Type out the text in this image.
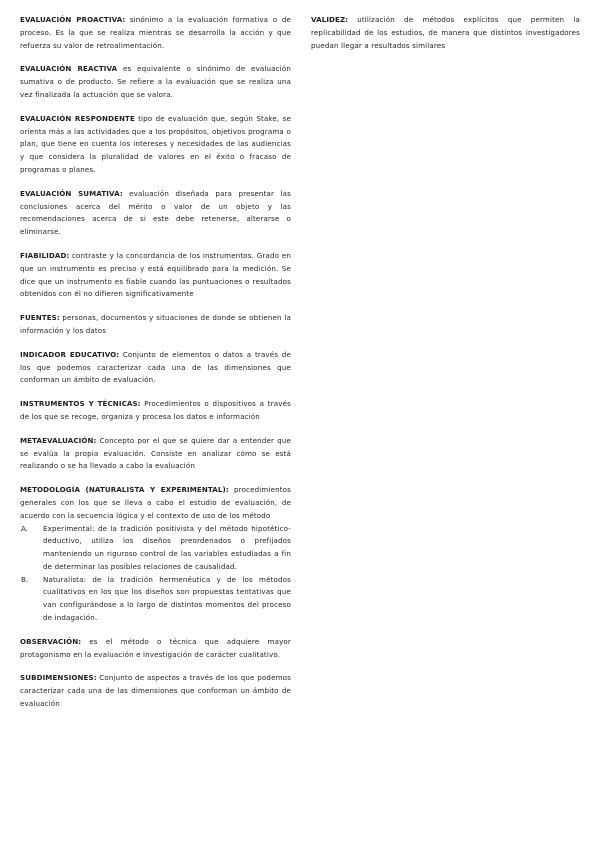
EVALUACIÓN PROACTIVA: sinónimo a la evaluación formativa o de proceso. Es la que se realiza mientras se desarrolla la acción y que refuerza su valor de retroalimentación.

EVALUACIÓN REACTIVA es equivalente o sinónimo de evaluación sumativa o de producto. Se refiere a la evaluación que se realiza una vez finalizada la actuación que se valora.

EVALUACIÓN RESPONDENTE tipo de evaluación que, según Stake, se orienta más a las actividades que a los propósitos, objetivos programa o plan, que tiene en cuenta los intereses y necesidades de las audiencias y que considera la pluralidad de valores en el éxito o fracaso de programas o planes.

EVALUACIÓN SUMATIVA: evaluación diseñada para presentar las conclusiones acerca del mérito o valor de un objeto y las recomendaciones acerca de si este debe retenerse, alterarse o eliminarse.

FIABILIDAD: contraste y la concordancia de los instrumentos. Grado en que un instrumento es preciso y está equilibrado para la medición. Se dice que un instrumento es fiable cuando las puntuaciones o resultados obtenidos con él no difieren significativamente

FUENTES: personas, documentos y situaciones de donde se obtienen la información y los datos

INDICADOR EDUCATIVO: Conjunto de elementos o datos a través de los que podemos caracterizar cada una de las dimensiones que conforman un ámbito de evaluación.

INSTRUMENTOS Y TÉCNICAS: Procedimientos o dispositivos a través de los que se recoge, organiza y procesa los datos e información

METAEVALUACIÓN: Concepto por el que se quiere dar a entender que se evalúa la propia evaluación. Consiste en analizar cómo se está realizando o se ha llevado a cabo la evaluación

METODOLOGÍA (NATURALISTA Y EXPERIMENTAL): procedimientos generales con los que se lleva a cabo el estudio de evaluación, de acuerdo con la secuencia lógica y el contexto de uso de los método
A. Experimental: de la tradición positivista y del método hipotético-deductivo, utiliza los diseños preordenados o prefijados manteniendo un riguroso control de las variables estudiadas a fin de determinar las posibles relaciones de causalidad.
B. Naturalista: de la tradición hermenéutica y de los métodos cualitativos en los que los diseños son propuestas tentativas que van configurándose a lo largo de distintos momentos del proceso de indagación.

OBSERVACIÓN: es el método o técnica que adquiere mayor protagonismo en la evaluación e investigación de carácter cualitativo.

SUBDIMENSIONES: Conjunto de aspectos a través de los que podemos caracterizar cada una de las dimensiones que conforman un ámbito de evaluación

VALIDEZ: utilización de métodos explícitos que permiten la replicabilidad de los estudios, de manera que distintos investigadores puedan llegar a resultados similares
